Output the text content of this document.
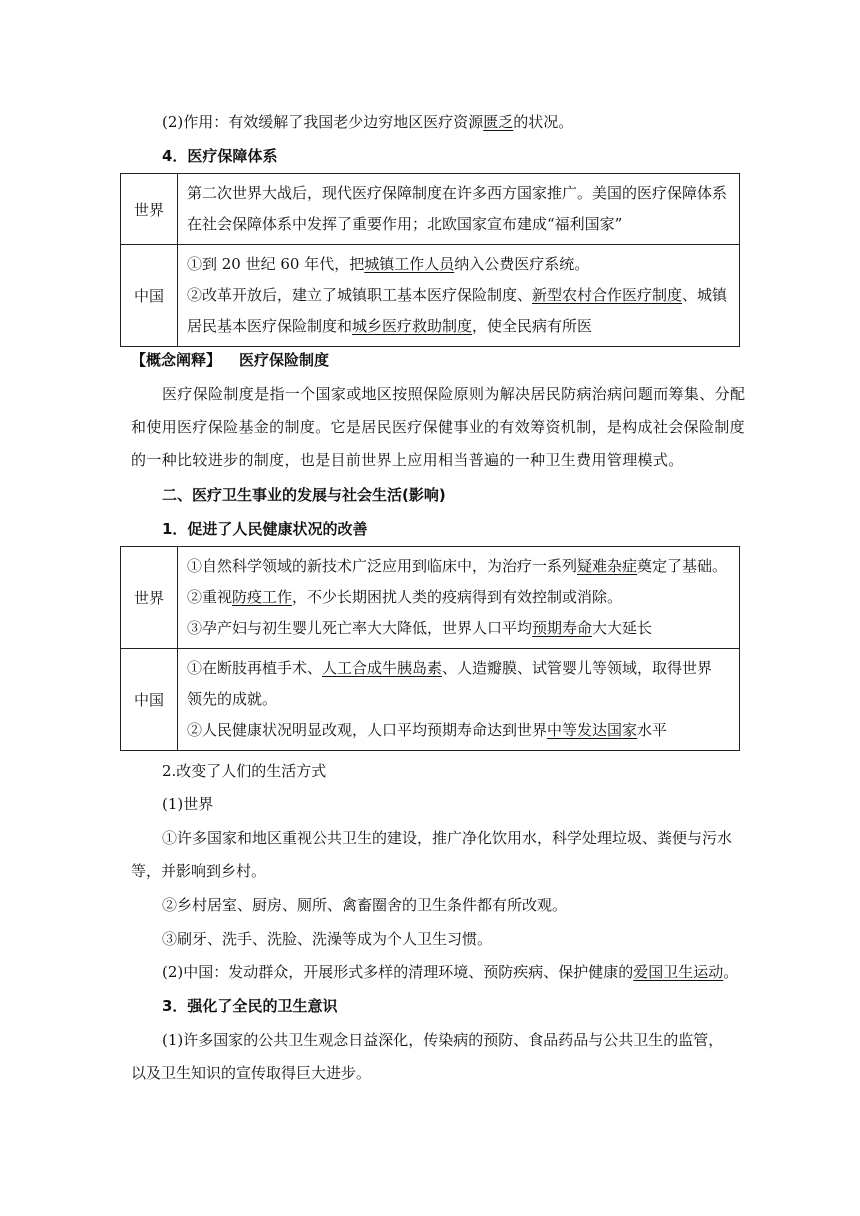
(2)作用：有效缓解了我国老少边穷地区医疗资源匮乏的状况。
4．医疗保障体系
世界	第二次世界大战后，现代医疗保障制度在许多西方国家推广。美国的医疗保障体系
在社会保障体系中发挥了重要作用；北欧国家宣布建成“福利国家”

中国	①到 20 世纪 60 年代，把城镇工作人员纳入公费医疗系统。
②改革开放后，建立了城镇职工基本医疗保险制度、新型农村合作医疗制度、城镇
居民基本医疗保险制度和城乡医疗救助制度，使全民病有所医
【概念阐释】 医疗保险制度
医疗保险制度是指一个国家或地区按照保险原则为解决居民防病治病问题而筹集、分配
和使用医疗保险基金的制度。它是居民医疗保健事业的有效筹资机制，是构成社会保险制度
的一种比较进步的制度，也是目前世界上应用相当普遍的一种卫生费用管理模式。
二、医疗卫生事业的发展与社会生活(影响)
1．促进了人民健康状况的改善
世界	①自然科学领域的新技术广泛应用到临床中，为治疗一系列疑难杂症奠定了基础。
②重视防疫工作，不少长期困扰人类的疫病得到有效控制或消除。
③孕产妇与初生婴儿死亡率大大降低，世界人口平均预期寿命大大延长

中国	①在断肢再植手术、人工合成牛胰岛素、人造瓣膜、试管婴儿等领域，取得世界
领先的成就。
②人民健康状况明显改观，人口平均预期寿命达到世界中等发达国家水平
2.改变了人们的生活方式
(1)世界
①许多国家和地区重视公共卫生的建设，推广净化饮用水，科学处理垃圾、粪便与污水
等，并影响到乡村。
②乡村居室、厨房、厕所、禽畜圈舍的卫生条件都有所改观。
③刷牙、洗手、洗脸、洗澡等成为个人卫生习惯。
(2)中国：发动群众，开展形式多样的清理环境、预防疾病、保护健康的爱国卫生运动。
3．强化了全民的卫生意识
(1)许多国家的公共卫生观念日益深化，传染病的预防、食品药品与公共卫生的监管，
以及卫生知识的宣传取得巨大进步。
